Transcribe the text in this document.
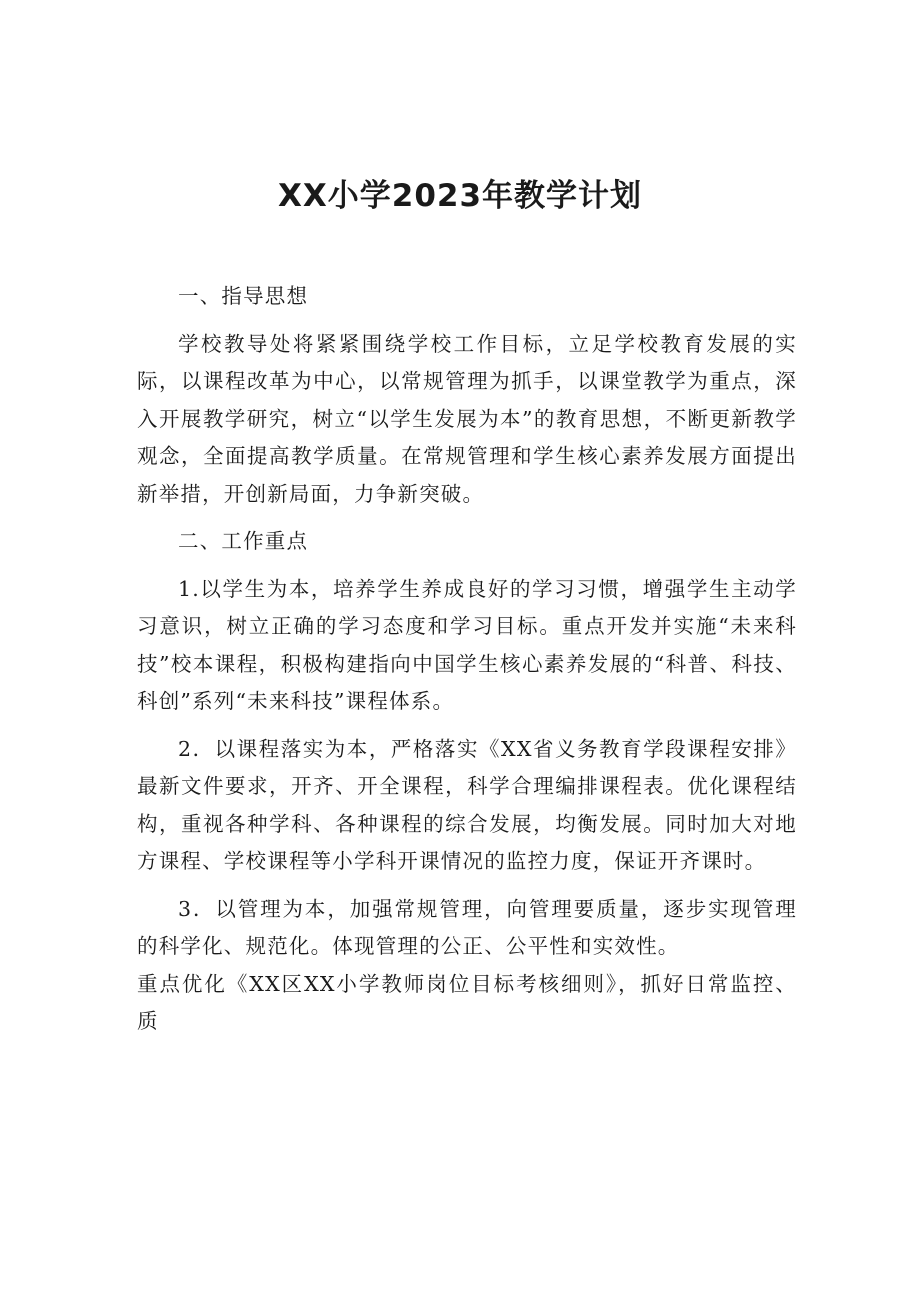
XX小学2023年教学计划

一、指导思想

学校教导处将紧紧围绕学校工作目标，立足学校教育发展的实际，以课程改革为中心，以常规管理为抓手，以课堂教学为重点，深入开展教学研究，树立“以学生发展为本”的教育思想，不断更新教学观念，全面提高教学质量。在常规管理和学生核心素养发展方面提出新举措，开创新局面，力争新突破。

二、工作重点

1.以学生为本，培养学生养成良好的学习习惯，增强学生主动学习意识，树立正确的学习态度和学习目标。重点开发并实施“未来科技”校本课程，积极构建指向中国学生核心素养发展的“科普、科技、科创”系列“未来科技”课程体系。

2．以课程落实为本，严格落实《XX省义务教育学段课程安排》最新文件要求，开齐、开全课程，科学合理编排课程表。优化课程结构，重视各种学科、各种课程的综合发展，均衡发展。同时加大对地方课程、学校课程等小学科开课情况的监控力度，保证开齐课时。

3．以管理为本，加强常规管理，向管理要质量，逐步实现管理的科学化、规范化。体现管理的公正、公平性和实效性。

重点优化《XX区XX小学教师岗位目标考核细则》，抓好日常监控、质
